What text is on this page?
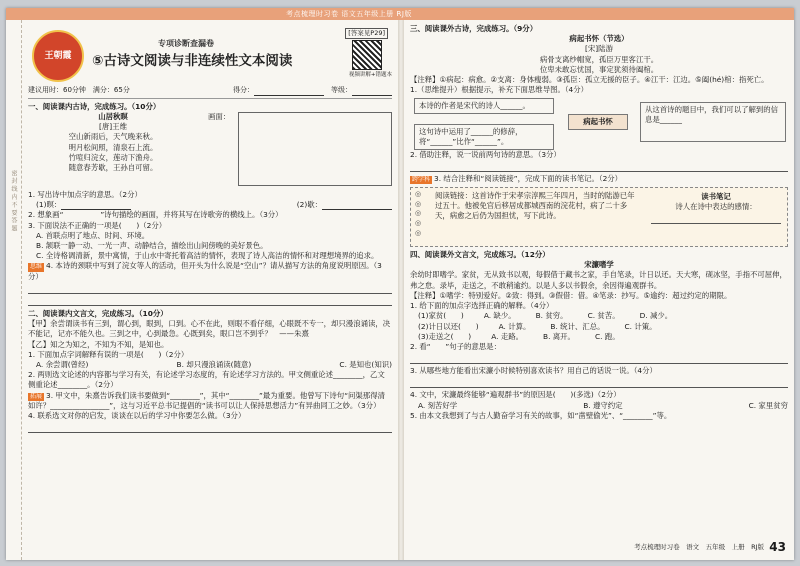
考点梳理时习卷 语文五年级上册 RJ版
密 封 线 内 不 要 答 题
王朝霞
专项诊断查漏卷
⑤古诗文阅读与非连续性文本阅读
[答案见P29]
视频讲解+错题本
建议用时：60分钟　 满分：65分	得分：　	等级：
一、阅读课内古诗，完成练习。（10分）
山居秋暝
[唐]王维
空山新雨后，天气晚来秋。
明月松间照，清泉石上流。
竹喧归浣女，莲动下渔舟。
随意春芳歇，王孙自可留。
画面：
1. 写出诗中加点字的意思。（2分）
(1)暝：	(2)歇：
2. 想象画“　　　　　”诗句描绘的画面，并将其写在诗歌旁的横线上。（3分）
3. 下面说法不正确的一项是(　　)（2分）
A. 首联点明了地点、时间、环境。
B. 颔联一静一动、一光一声、动静结合，描绘出山间傍晚的美好景色。
C. 全诗格调清新，景中寓情，于山水中寄托着高洁的情怀，表现了诗人高洁的情怀和对理想境界的追求。
思维 4. 本诗的颈联中写到了浣女等人的活动，但开头为什么说是“空山”？请从描写方法的角度说明原因。（3分）
二、阅读课内文言文，完成练习。（10分）
【甲】余尝谓读书有三到，谓心到，眼到，口到。心不在此，则眼不看仔细，心眼既不专一，却只漫浪诵读，决不能记，记亦不能久也。三到之中，心到最急。心既到矣，眼口岂不到乎？　——朱熹
【乙】知之为知之，不知为不知，是知也。
1. 下面加点字词解释有误的一项是(　　)（2分）
A. 余尝谓(曾经)	B. 却只漫浪诵读(随意)	C. 是知也(知识)
2. 两则选文论述的内容都与学习有关，有论述学习态度的，有论述学习方法的。甲文侧重论述________，乙文侧重论述________。（2分）
拓展 3. 甲文中，朱熹告诉我们读书要做到“________”，其中“________”最为重要。他曾写下诗句“问渠那得清如许？________________”，这与习近平总书记提倡的“读书可以让人保持思想活力”有异曲同工之妙。（3分）
4. 联系选文对你的启发，谈谈在以后的学习中你要怎么做。（3分）
三、阅读课外古诗，完成练习。（9分）
病起书怀（节选）
[宋]陆游
病骨支离纱帽宽，孤臣万里客江干。
位卑未敢忘忧国，事定犹须待阖棺。
【注释】①病起：病愈。②支离：身体瘦弱。③孤臣：孤立无援的臣子。④江干：江边。⑤阖(hé)棺：指死亡。
1.（思维提升）根据提示，补充下面思维导图。（4分）
本诗的作者是宋代的诗人______。
这句诗中运用了______的修辞，将“______”比作“______”。
病起书怀
从这首诗的题目中，我们可以了解到的信息是______
2. 借助注释，说一说前两句诗的意思。（3分）
跨学科 3. 结合注释和“阅读链接”，完成下面的读书笔记。（2分）
◎
◎
◎
◎
◎
阅读链接：这首诗作于宋孝宗淳熙三年四月，当时的陆游已年过五十。他被免官后移居成都城西南的浣花村，病了二十多天，病愈之后仍为国担忧，写下此诗。
读书笔记
诗人在诗中表达的感情：
四、阅读课外文言文，完成练习。（12分）
宋濂嗜学
余幼时即嗜学。家贫，无从致书以观，每假借于藏书之家，手自笔录，计日以还。天大寒，砚冰坚，手指不可屈伸，弗之怠。录毕，走送之，不敢稍逾约。以是人多以书假余，余因得遍观群书。
【注释】①嗜学：特别爱好。②致：得到。③假借：借。④笔录：抄写。⑤逾约：超过约定的期限。
1. 给下面的加点字选择正确的解释。（4分）
(1)家贫(　　)	A. 缺少。	B. 贫穷。	C. 贫苦。	D. 减少。
(2)计日以还(　　)	A. 计算。	B. 统计、汇总。	C. 计策。
(3)走送之(　　)	A. 走路。	B. 离开。	C. 跑。
2. 看“　　”句子的意思是：
3. 从哪些地方能看出宋濂小时候特别喜欢读书？用自己的话说一说。（4分）
4. 文中，宋濂最终能够“遍观群书”的原因是(　　)(多选)（2分）
A. 刻苦好学	B. 遵守约定	C. 家里贫穷
5. 由本文我想到了与古人勤奋学习有关的故事，如“凿壁偷光”、“________”等。
考点梳理时习卷　语文　五年级　上册　RJ版 43
